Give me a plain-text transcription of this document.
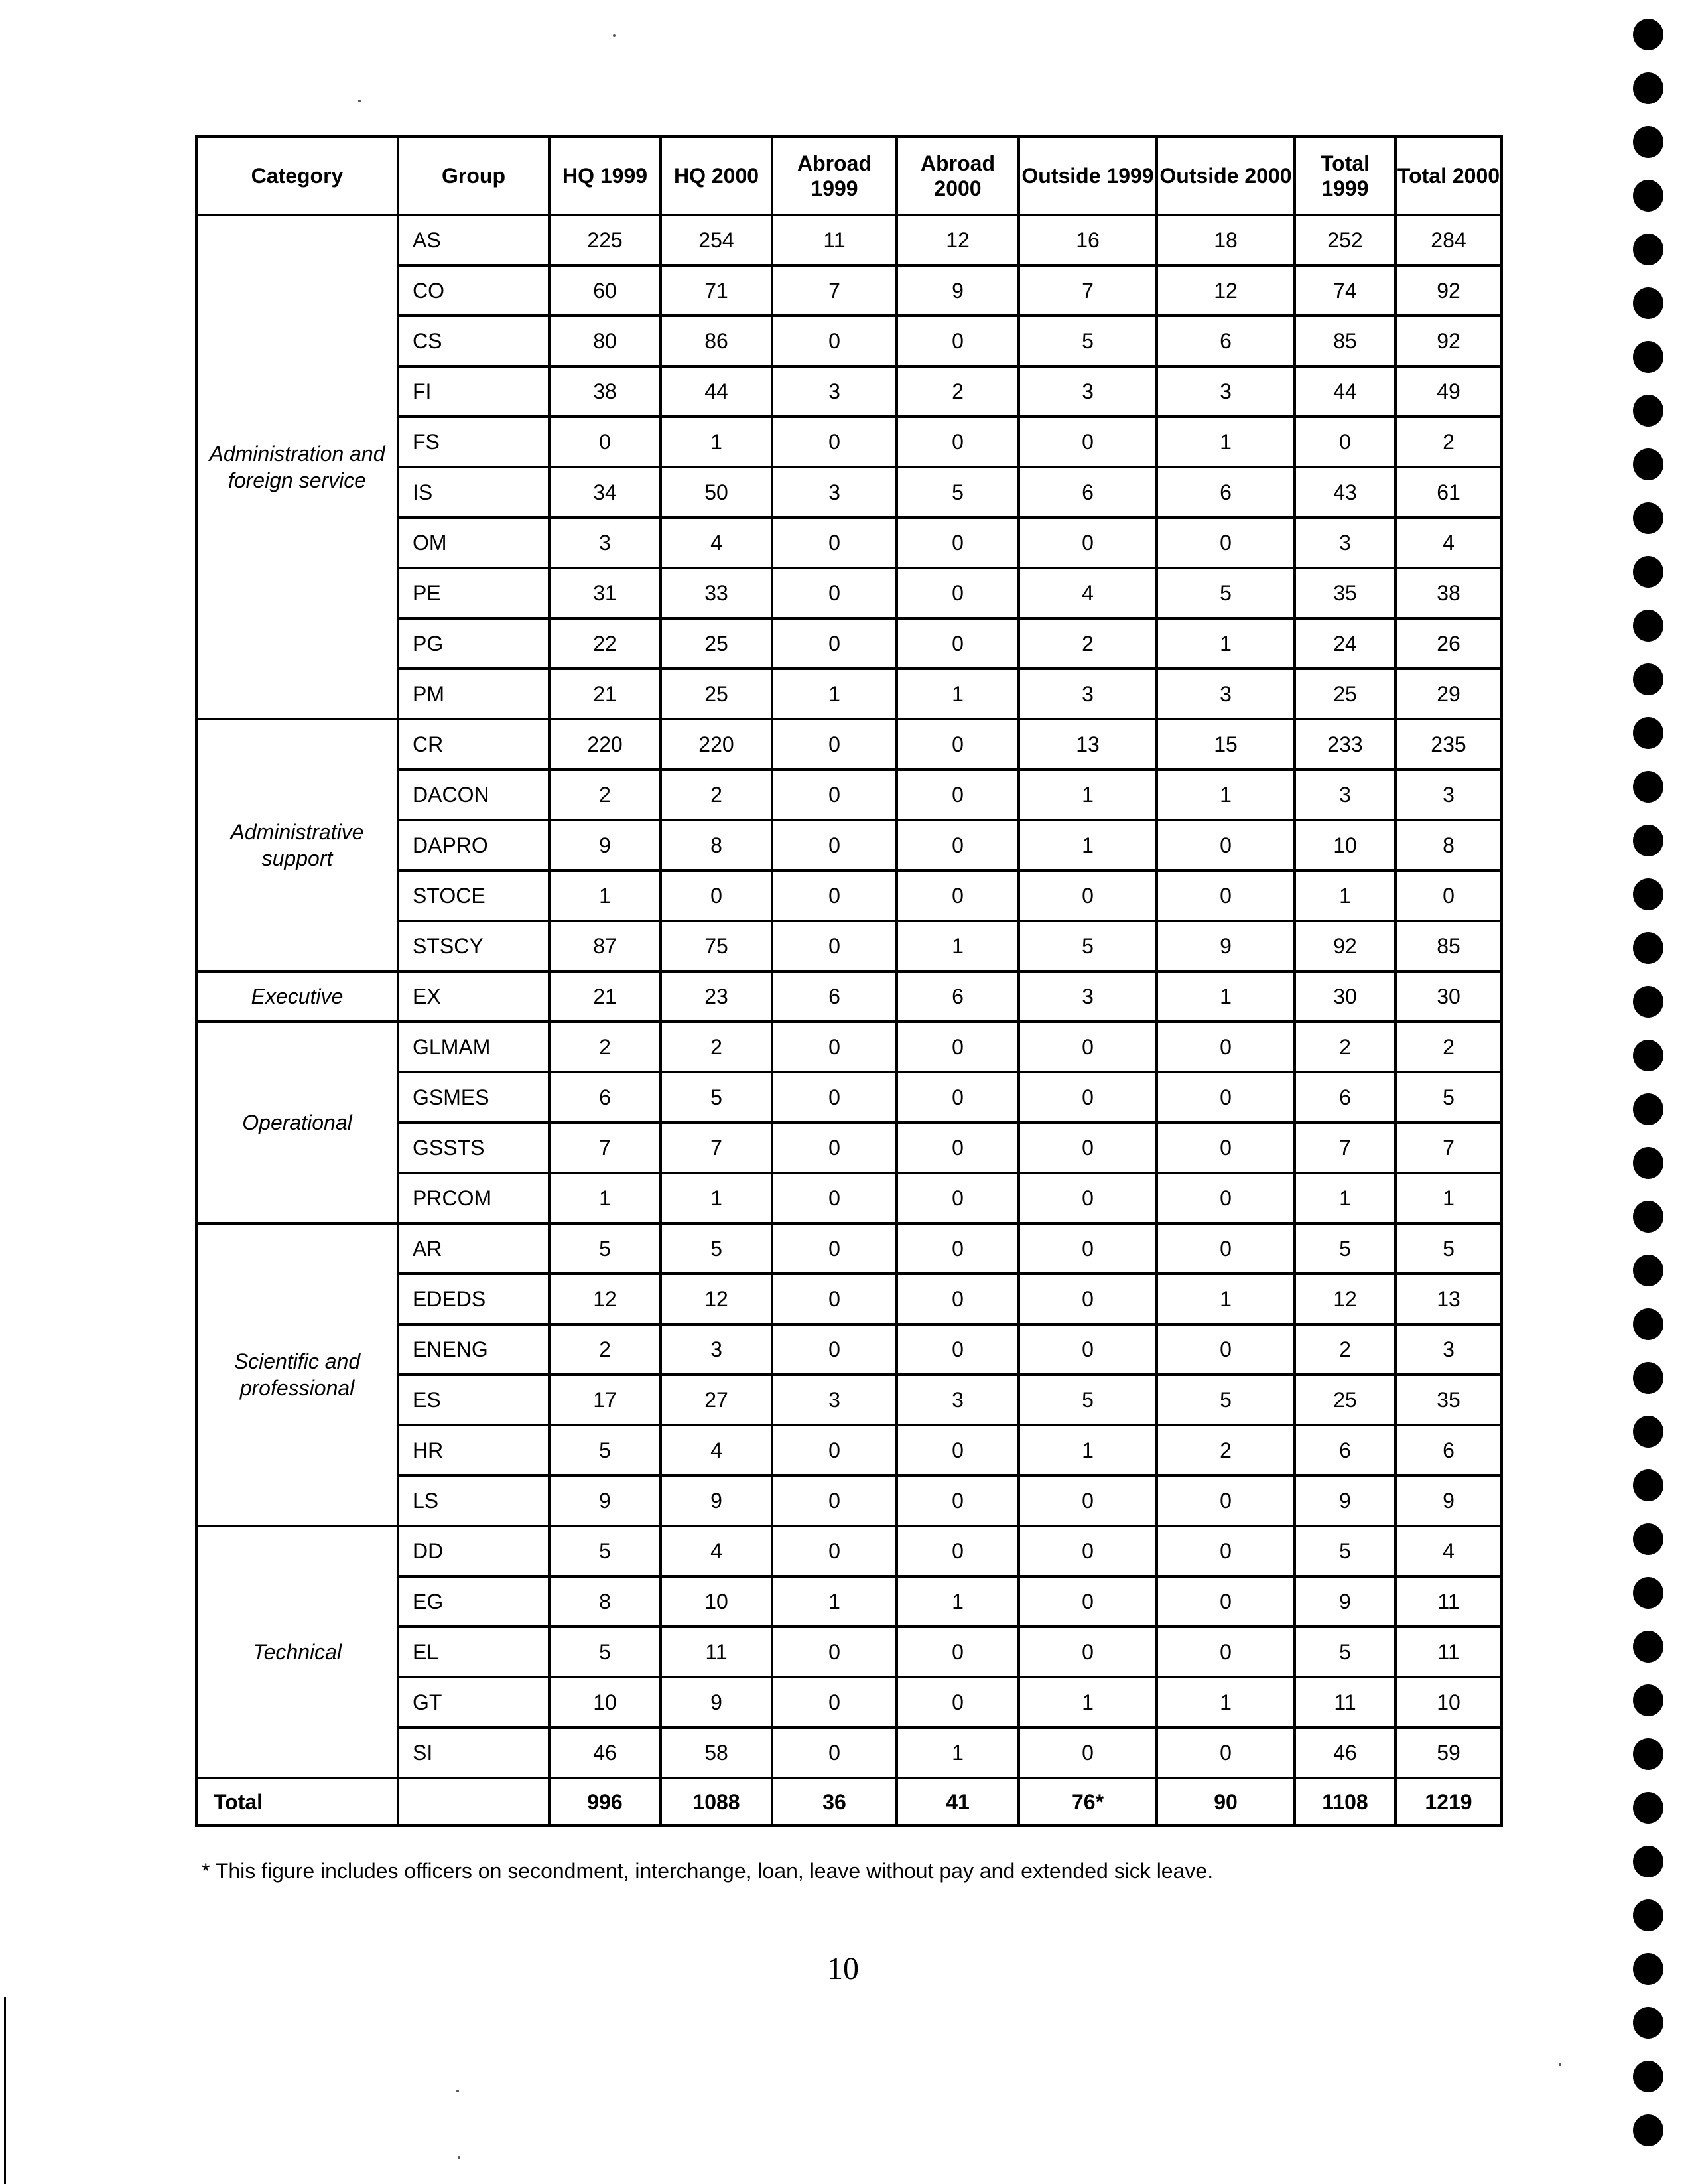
Category	Group	HQ 1999	HQ 2000	Abroad 1999	Abroad 2000	Outside 1999	Outside 2000	Total 1999	Total 2000
Administration and foreign service	AS	225	254	11	12	16	18	252	284
	CO	60	71	7	9	7	12	74	92
	CS	80	86	0	0	5	6	85	92
	FI	38	44	3	2	3	3	44	49
	FS	0	1	0	0	0	1	0	2
	IS	34	50	3	5	6	6	43	61
	OM	3	4	0	0	0	0	3	4
	PE	31	33	0	0	4	5	35	38
	PG	22	25	0	0	2	1	24	26
	PM	21	25	1	1	3	3	25	29
Administrative support	CR	220	220	0	0	13	15	233	235
	DACON	2	2	0	0	1	1	3	3
	DAPRO	9	8	0	0	1	0	10	8
	STOCE	1	0	0	0	0	0	1	0
	STSCY	87	75	0	1	5	9	92	85
Executive	EX	21	23	6	6	3	1	30	30
Operational	GLMAM	2	2	0	0	0	0	2	2
	GSMES	6	5	0	0	0	0	6	5
	GSSTS	7	7	0	0	0	0	7	7
	PRCOM	1	1	0	0	0	0	1	1
Scientific and professional	AR	5	5	0	0	0	0	5	5
	EDEDS	12	12	0	0	0	1	12	13
	ENENG	2	3	0	0	0	0	2	3
	ES	17	27	3	3	5	5	25	35
	HR	5	4	0	0	1	2	6	6
	LS	9	9	0	0	0	0	9	9
Technical	DD	5	4	0	0	0	0	5	4
	EG	8	10	1	1	0	0	9	11
	EL	5	11	0	0	0	0	5	11
	GT	10	9	0	0	1	1	11	10
	SI	46	58	0	1	0	0	46	59
Total		996	1088	36	41	76*	90	1108	1219

* This figure includes officers on secondment, interchange, loan, leave without pay and extended sick leave.

10
